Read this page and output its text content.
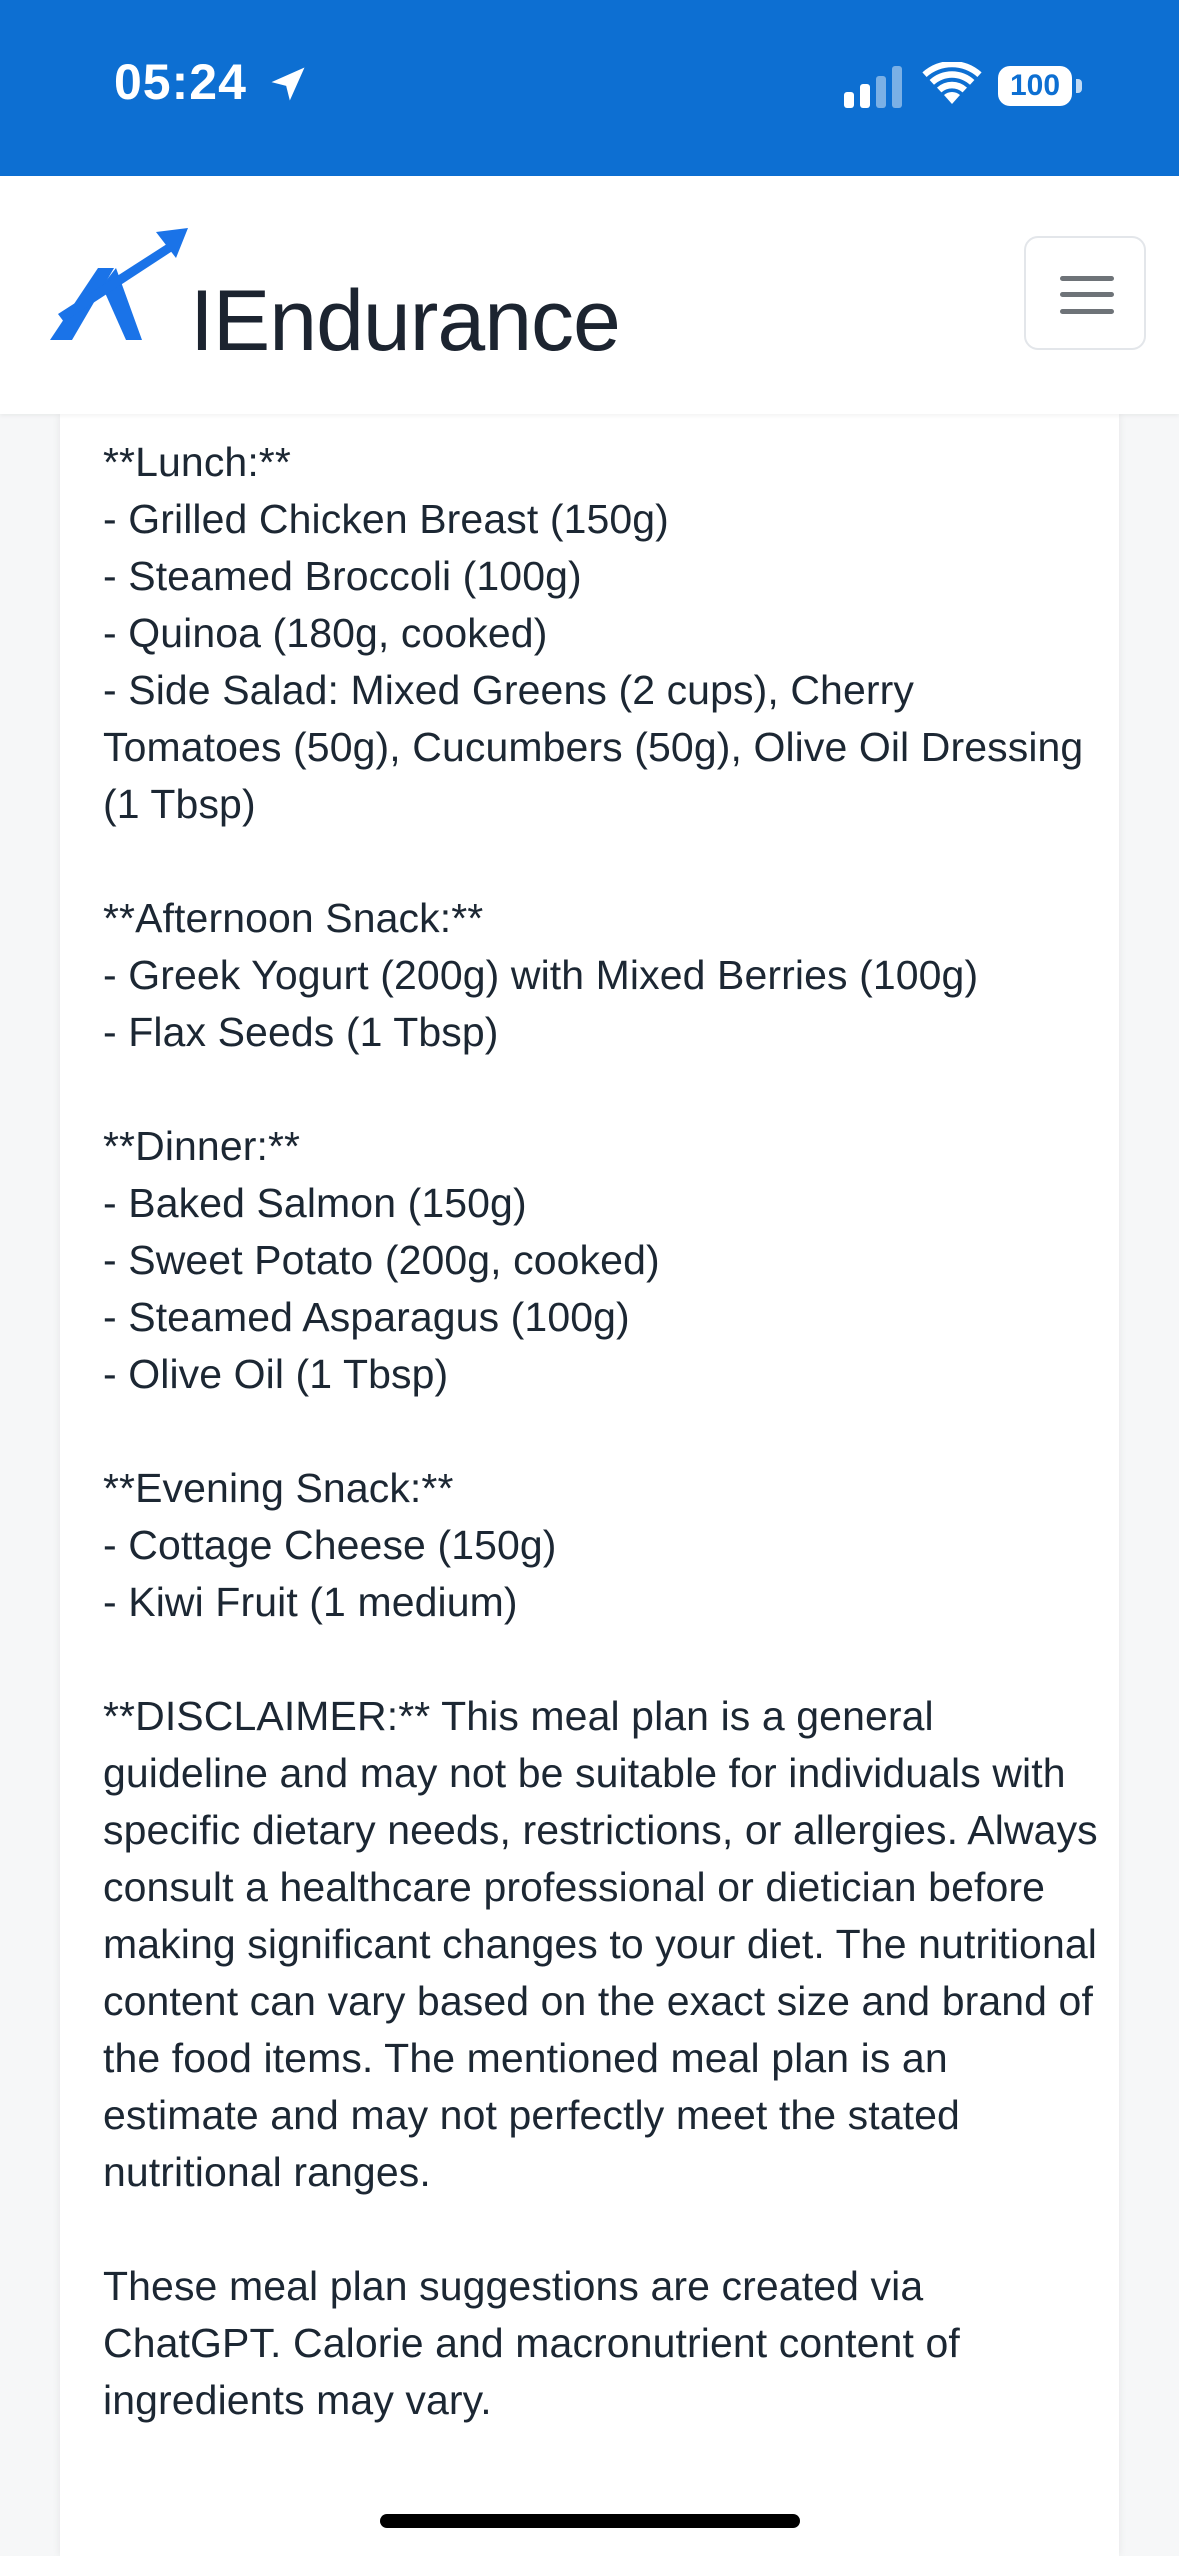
05:24	100
IEndurance

**Lunch:**
- Grilled Chicken Breast (150g)
- Steamed Broccoli (100g)
- Quinoa (180g, cooked)
- Side Salad: Mixed Greens (2 cups), Cherry Tomatoes (50g), Cucumbers (50g), Olive Oil Dressing (1 Tbsp)

**Afternoon Snack:**
- Greek Yogurt (200g) with Mixed Berries (100g)
- Flax Seeds (1 Tbsp)

**Dinner:**
- Baked Salmon (150g)
- Sweet Potato (200g, cooked)
- Steamed Asparagus (100g)
- Olive Oil (1 Tbsp)

**Evening Snack:**
- Cottage Cheese (150g)
- Kiwi Fruit (1 medium)

**DISCLAIMER:** This meal plan is a general guideline and may not be suitable for individuals with specific dietary needs, restrictions, or allergies. Always consult a healthcare professional or dietician before making significant changes to your diet. The nutritional content can vary based on the exact size and brand of the food items. The mentioned meal plan is an estimate and may not perfectly meet the stated nutritional ranges.

These meal plan suggestions are created via ChatGPT. Calorie and macronutrient content of ingredients may vary.
